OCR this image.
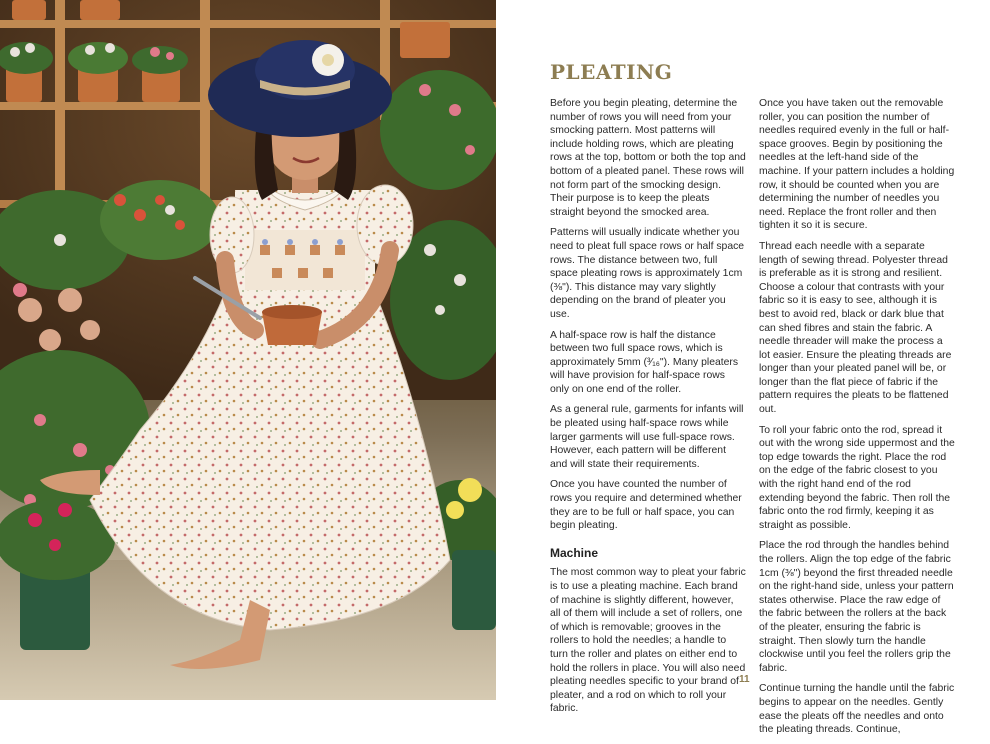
PLEATING

Before you begin pleating, determine the number of rows you will need from your smocking pattern. Most patterns will include holding rows, which are pleating rows at the top, bottom or both the top and bottom of a pleated panel. These rows will not form part of the smocking design. Their purpose is to keep the pleats straight beyond the smocked area.

Patterns will usually indicate whether you need to pleat full space rows or half space rows. The distance between two, full space pleating rows is approximately 1cm (⅜"). This distance may vary slightly depending on the brand of pleater you use.

A half-space row is half the distance between two full space rows, which is approximately 5mm (³⁄₁₆"). Many pleaters will have provision for half-space rows only on one end of the roller.

As a general rule, garments for infants will be pleated using half-space rows while larger garments will use full-space rows. However, each pattern will be different and will state their requirements.

Once you have counted the number of rows you require and determined whether they are to be full or half space, you can begin pleating.

Machine

The most common way to pleat your fabric is to use a pleating machine. Each brand of machine is slightly different, however, all of them will include a set of rollers, one of which is removable; grooves in the rollers to hold the needles; a handle to turn the roller and plates on either end to hold the rollers in place. You will also need pleating needles specific to your brand of pleater, and a rod on which to roll your fabric.

Once you have taken out the removable roller, you can position the number of needles required evenly in the full or half-space grooves. Begin by positioning the needles at the left-hand side of the machine. If your pattern includes a holding row, it should be counted when you are determining the number of needles you need. Replace the front roller and then tighten it so it is secure.

Thread each needle with a separate length of sewing thread. Polyester thread is preferable as it is strong and resilient. Choose a colour that contrasts with your fabric so it is easy to see, although it is best to avoid red, black or dark blue that can shed fibres and stain the fabric. A needle threader will make the process a lot easier. Ensure the pleating threads are longer than your pleated panel will be, or longer than the flat piece of fabric if the pattern requires the pleats to be flattened out.

To roll your fabric onto the rod, spread it out with the wrong side uppermost and the top edge towards the right. Place the rod on the edge of the fabric closest to you with the right hand end of the rod extending beyond the fabric. Then roll the fabric onto the rod firmly, keeping it as straight as possible.

Place the rod through the handles behind the rollers. Align the top edge of the fabric 1cm (⅜") beyond the first threaded needle on the right-hand side, unless your pattern states otherwise. Place the raw edge of the fabric between the rollers at the back of the pleater, ensuring the fabric is straight. Then slowly turn the handle clockwise until you feel the rollers grip the fabric.

Continue turning the handle until the fabric begins to appear on the needles. Gently ease the pleats off the needles and onto the pleating threads. Continue,

11
